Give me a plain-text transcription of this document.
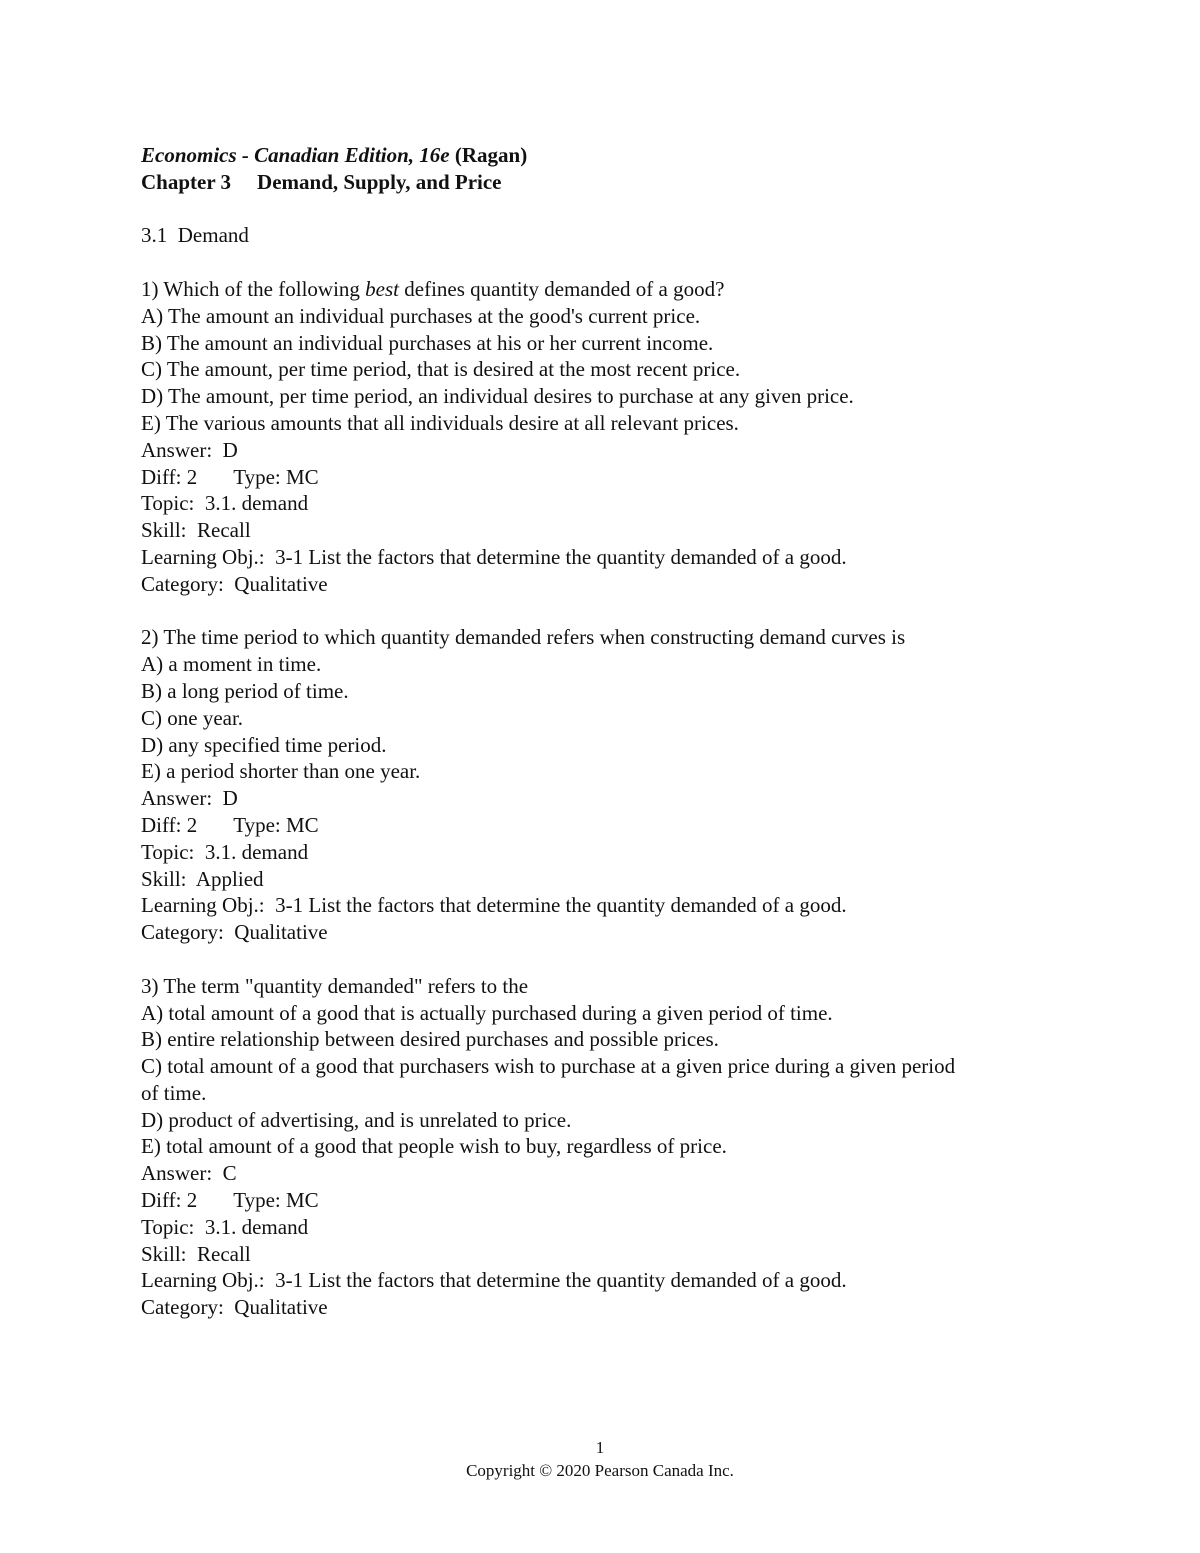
Economics - Canadian Edition, 16e (Ragan)
Chapter 3 Demand, Supply, and Price
3.1 Demand
1) Which of the following best defines quantity demanded of a good?
A) The amount an individual purchases at the good's current price.
B) The amount an individual purchases at his or her current income.
C) The amount, per time period, that is desired at the most recent price.
D) The amount, per time period, an individual desires to purchase at any given price.
E) The various amounts that all individuals desire at all relevant prices.
Answer:  D
Diff: 2 Type: MC
Topic:  3.1. demand
Skill:  Recall
Learning Obj.:  3-1 List the factors that determine the quantity demanded of a good.
Category:  Qualitative
2) The time period to which quantity demanded refers when constructing demand curves is
A) a moment in time.
B) a long period of time.
C) one year.
D) any specified time period.
E) a period shorter than one year.
Answer:  D
Diff: 2 Type: MC
Topic:  3.1. demand
Skill:  Applied
Learning Obj.:  3-1 List the factors that determine the quantity demanded of a good.
Category:  Qualitative
3) The term "quantity demanded" refers to the
A) total amount of a good that is actually purchased during a given period of time.
B) entire relationship between desired purchases and possible prices.
C) total amount of a good that purchasers wish to purchase at a given price during a given period
of time.
D) product of advertising, and is unrelated to price.
E) total amount of a good that people wish to buy, regardless of price.
Answer:  C
Diff: 2 Type: MC
Topic:  3.1. demand
Skill:  Recall
Learning Obj.:  3-1 List the factors that determine the quantity demanded of a good.
Category:  Qualitative
1
Copyright © 2020 Pearson Canada Inc.
